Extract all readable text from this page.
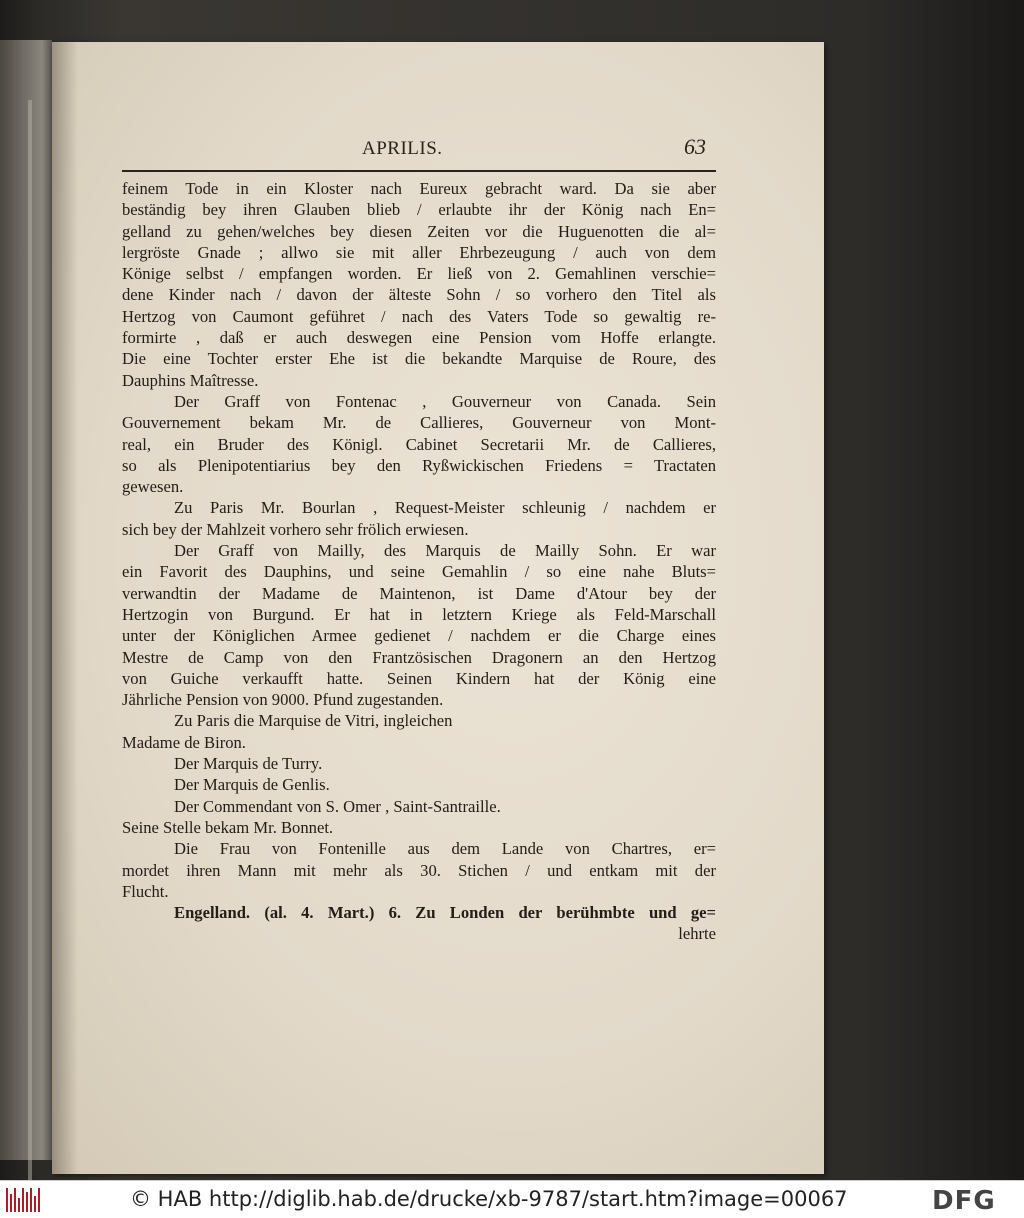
APRILIS.	63
feinem Tode in ein Kloster nach Eureux gebracht ward. Da sie aber
beständig bey ihren Glauben blieb / erlaubte ihr der König nach En=
gelland zu gehen/welches bey diesen Zeiten vor die Huguenotten die al=
lergröste Gnade ; allwo sie mit aller Ehrbezeugung / auch von dem
Könige selbst / empfangen worden. Er ließ von 2. Gemahlinen verschie=
dene Kinder nach / davon der älteste Sohn / so vorhero den Titel als
Hertzog von Caumont geführet / nach des Vaters Tode so gewaltig re-
formirte , daß er auch deswegen eine Pension vom Hoffe erlangte.
Die eine Tochter erster Ehe ist die bekandte Marquise de Roure, des
Dauphins Maîtresse.
Der Graff von Fontenac , Gouverneur von Canada. Sein
Gouvernement bekam Mr. de Callieres, Gouverneur von Mont-
real, ein Bruder des Königl. Cabinet Secretarii Mr. de Callieres,
so als Plenipotentiarius bey den Ryßwickischen Friedens = Tractaten
gewesen.
Zu Paris Mr. Bourlan , Request-Meister schleunig / nachdem er
sich bey der Mahlzeit vorhero sehr frölich erwiesen.
Der Graff von Mailly, des Marquis de Mailly Sohn. Er war
ein Favorit des Dauphins, und seine Gemahlin / so eine nahe Bluts=
verwandtin der Madame de Maintenon, ist Dame d'Atour bey der
Hertzogin von Burgund. Er hat in letztern Kriege als Feld-Marschall
unter der Königlichen Armee gedienet / nachdem er die Charge eines
Mestre de Camp von den Frantzösischen Dragonern an den Hertzog
von Guiche verkaufft hatte. Seinen Kindern hat der König eine
Jährliche Pension von 9000. Pfund zugestanden.
Zu Paris die Marquise de Vitri, ingleichen
Madame de Biron.
Der Marquis de Turry.
Der Marquis de Genlis.
Der Commendant von S. Omer , Saint-Santraille.
Seine Stelle bekam Mr. Bonnet.
Die Frau von Fontenille aus dem Lande von Chartres, er=
mordet ihren Mann mit mehr als 30. Stichen / und entkam mit der
Flucht.
Engelland. (al. 4. Mart.) 6. Zu Londen der berühmbte und ge=
lehrte
© HAB http://diglib.hab.de/drucke/xb-9787/start.htm?image=00067	DFG
